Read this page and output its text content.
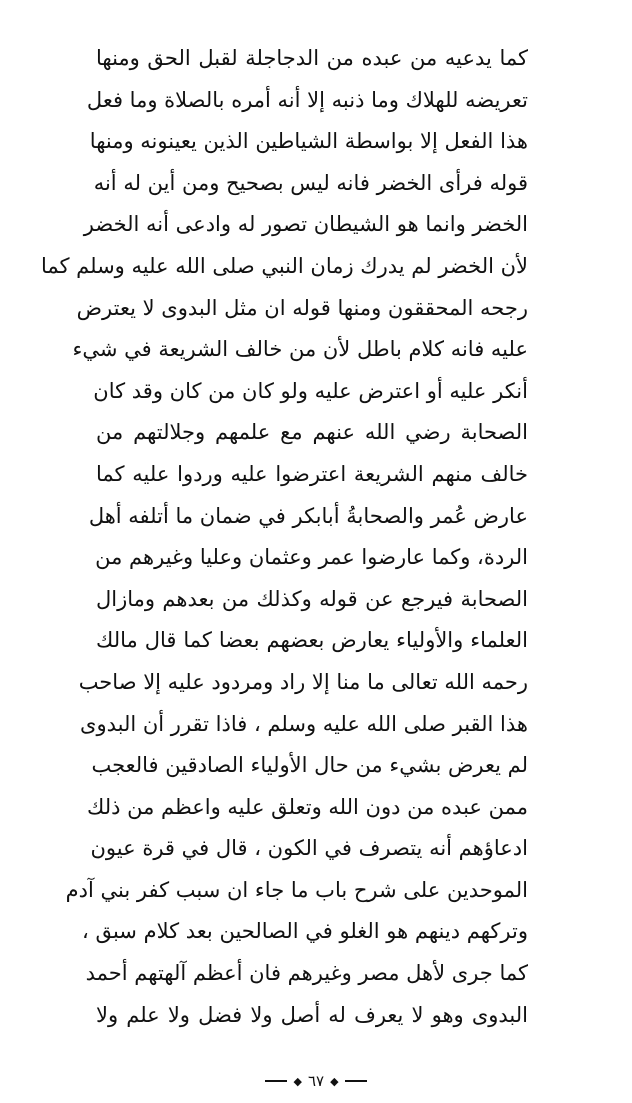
كما يدعيه من عبده من الدجاجلة لقبل الحق ومنها
تعريضه للهلاك وما ذنبه إلا أنه أمره بالصلاة وما فعل
هذا الفعل إلا بواسطة الشياطين الذين يعينونه ومنها
قوله فرأى الخضر فانه ليس بصحيح ومن أين له أنه
الخضر وانما هو الشيطان تصور له وادعى أنه الخضر
لأن الخضر لم يدرك زمان النبي صلى الله عليه وسلم كما
رجحه المحققون ومنها قوله ان مثل البدوى لا يعترض
عليه فانه كلام باطل لأن من خالف الشريعة في شيء
أنكر عليه أو اعترض عليه ولو كان من كان وقد كان
الصحابة رضي الله عنهم مع علمهم وجلالتهم من
خالف منهم الشريعة اعترضوا عليه وردوا عليه كما
عارض عُمر والصحابةُ أبابكر في ضمان ما أتلفه أهل
الردة، وكما عارضوا عمر وعثمان وعليا وغيرهم من
الصحابة فيرجع عن قوله وكذلك من بعدهم ومازال
العلماء والأولياء يعارض بعضهم بعضا كما قال مالك
رحمه الله تعالى ما منا إلا راد ومردود عليه إلا صاحب
هذا القبر صلى الله عليه وسلم ، فاذا تقرر أن البدوى
لم يعرض بشيء من حال الأولياء الصادقين فالعجب
ممن عبده من دون الله وتعلق عليه واعظم من ذلك
ادعاؤهم أنه يتصرف في الكون ، قال في قرة عيون
الموحدين على شرح باب ما جاء ان سبب كفر بني آدم
وتركهم دينهم هو الغلو في الصالحين بعد كلام سبق ،
كما جرى لأهل مصر وغيرهم فان أعظم آلهتهم أحمد
البدوى وهو لا يعرف له أصل ولا فضل ولا علم ولا
◆ ٦٧ ◆
